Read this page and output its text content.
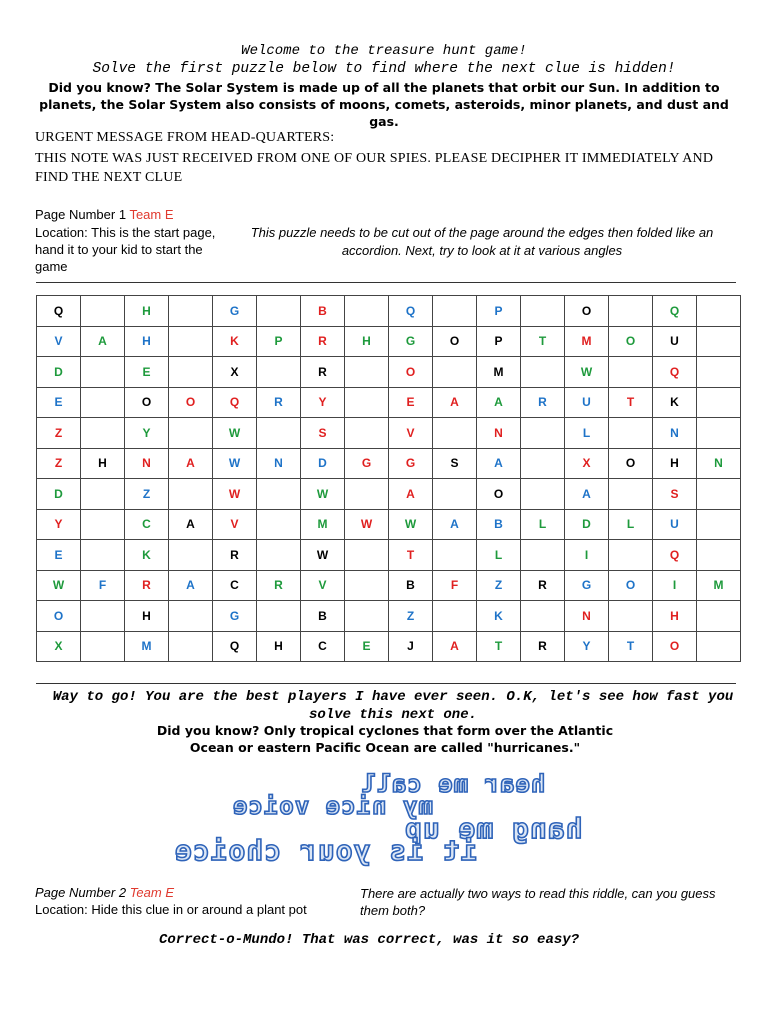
Welcome to the treasure hunt game!
Solve the first puzzle below to find where the next clue is hidden!
Did you know? The Solar System is made up of all the planets that orbit our Sun. In addition to planets, the Solar System also consists of moons, comets, asteroids, minor planets, and dust and gas.
URGENT MESSAGE FROM HEAD-QUARTERS:
THIS NOTE WAS JUST RECEIVED FROM ONE OF OUR SPIES. PLEASE DECIPHER IT IMMEDIATELY AND FIND THE NEXT CLUE
Page Number 1 Team E
Location: This is the start page, hand it to your kid to start the game
This puzzle needs to be cut out of the page around the edges then folded like an accordion. Next, try to look at it at various angles
Q		H		G		B		Q		P		O		Q	
V	A	H		K	P	R	H	G	O	P	T	M	O	U	
D		E		X		R		O		M		W		Q	
E		O	O	Q	R	Y		E	A	A	R	U	T	K	
Z		Y		W		S		V		N		L		N	
Z	H	N	A	W	N	D	G	G	S	A		X	O	H	N
D		Z		W		W		A		O		A		S	
Y		C	A	V		M	W	W	A	B	L	D	L	U	
E		K		R		W		T		L		I		Q	
W	F	R	A	C	R	V		B	F	Z	R	G	O	I	M
O		H		G		B		Z		K		N		H	
X		M		Q	H	C	E	J	A	T	R	Y	T	O	
Way to go! You are the best players I have ever seen. O.K, let's see how fast you solve this next one.
Did you know? Only tropical cyclones that form over the Atlantic Ocean or eastern Pacific Ocean are called "hurricanes."
hear me call
my nice voice
hang me up
it is your choice
Page Number 2 Team E
Location: Hide this clue in or around a plant pot
There are actually two ways to read this riddle, can you guess them both?
Correct-o-Mundo! That was correct, was it so easy?
